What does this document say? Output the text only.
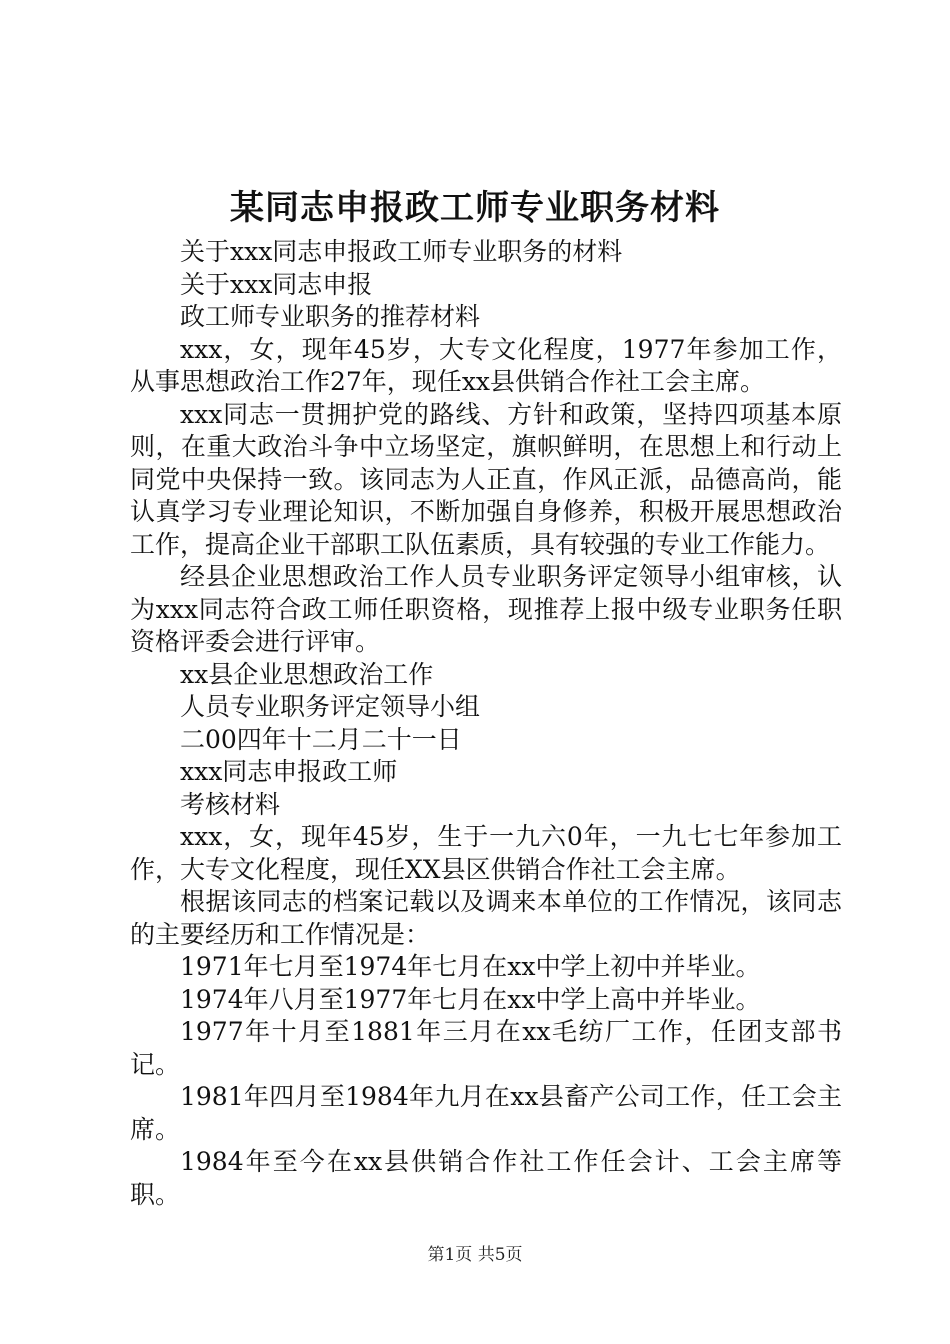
某同志申报政工师专业职务材料

关于xxx同志申报政工师专业职务的材料

关于xxx同志申报

政工师专业职务的推荐材料

xxx，女，现年45岁，大专文化程度，1977年参加工作，从事思想政治工作27年，现任xx县供销合作社工会主席。

xxx同志一贯拥护党的路线、方针和政策，坚持四项基本原则，在重大政治斗争中立场坚定，旗帜鲜明，在思想上和行动上同党中央保持一致。该同志为人正直，作风正派，品德高尚，能认真学习专业理论知识，不断加强自身修养，积极开展思想政治工作，提高企业干部职工队伍素质，具有较强的专业工作能力。

经县企业思想政治工作人员专业职务评定领导小组审核，认为xxx同志符合政工师任职资格，现推荐上报中级专业职务任职资格评委会进行评审。

xx县企业思想政治工作

人员专业职务评定领导小组

二00四年十二月二十一日

xxx同志申报政工师

考核材料

xxx，女，现年45岁，生于一九六0年，一九七七年参加工作，大专文化程度，现任XX县区供销合作社工会主席。

根据该同志的档案记载以及调来本单位的工作情况，该同志的主要经历和工作情况是：

1971年七月至1974年七月在xx中学上初中并毕业。

1974年八月至1977年七月在xx中学上高中并毕业。

1977年十月至1881年三月在xx毛纺厂工作，任团支部书记。

1981年四月至1984年九月在xx县畜产公司工作，任工会主席。

1984年至今在xx县供销合作社工作任会计、工会主席等职。

第1页 共5页
